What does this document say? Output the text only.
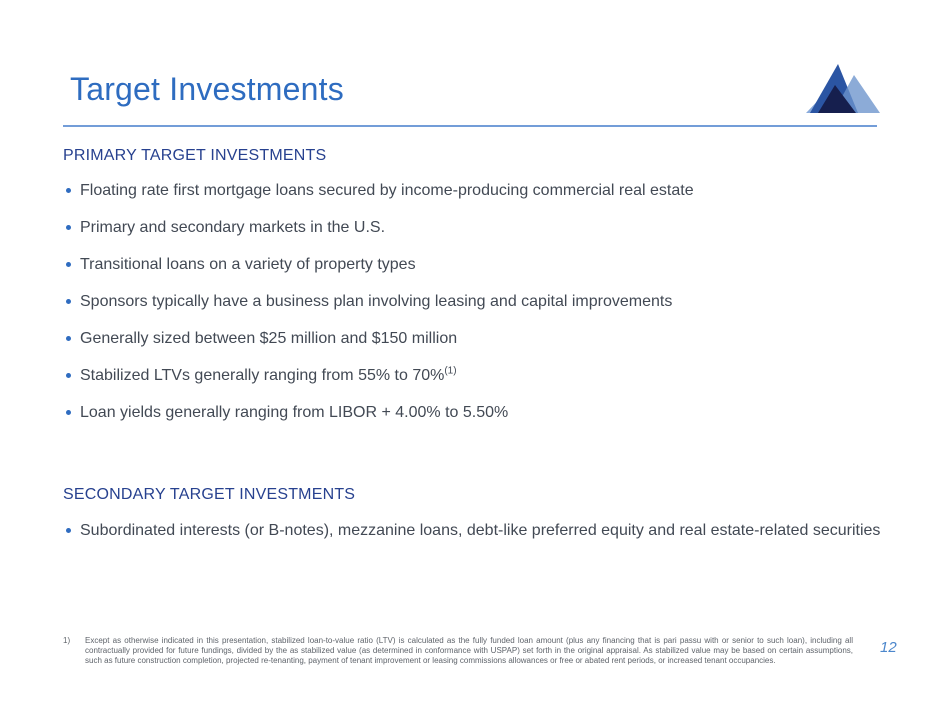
Target Investments
PRIMARY TARGET INVESTMENTS
Floating rate first mortgage loans secured by income-producing commercial real estate
Primary and secondary markets in the U.S.
Transitional loans on a variety of property types
Sponsors typically have a business plan involving leasing and capital improvements
Generally sized between $25 million and $150 million
Stabilized LTVs generally ranging from 55% to 70%$^{(1)}$
Loan yields generally ranging from LIBOR + 4.00% to 5.50%
SECONDARY TARGET INVESTMENTS
Subordinated interests (or B-notes), mezzanine loans, debt-like preferred equity and real estate-related securities
1) Except as otherwise indicated in this presentation, stabilized loan-to-value ratio (LTV) is calculated as the fully funded loan amount (plus any financing that is pari passu with or senior to such loan), including all contractually provided for future fundings, divided by the as stabilized value (as determined in conformance with USPAP) set forth in the original appraisal. As stabilized value may be based on certain assumptions, such as future construction completion, projected re-tenanting, payment of tenant improvement or leasing commissions allowances or free or abated rent periods, or increased tenant occupancies.

12
